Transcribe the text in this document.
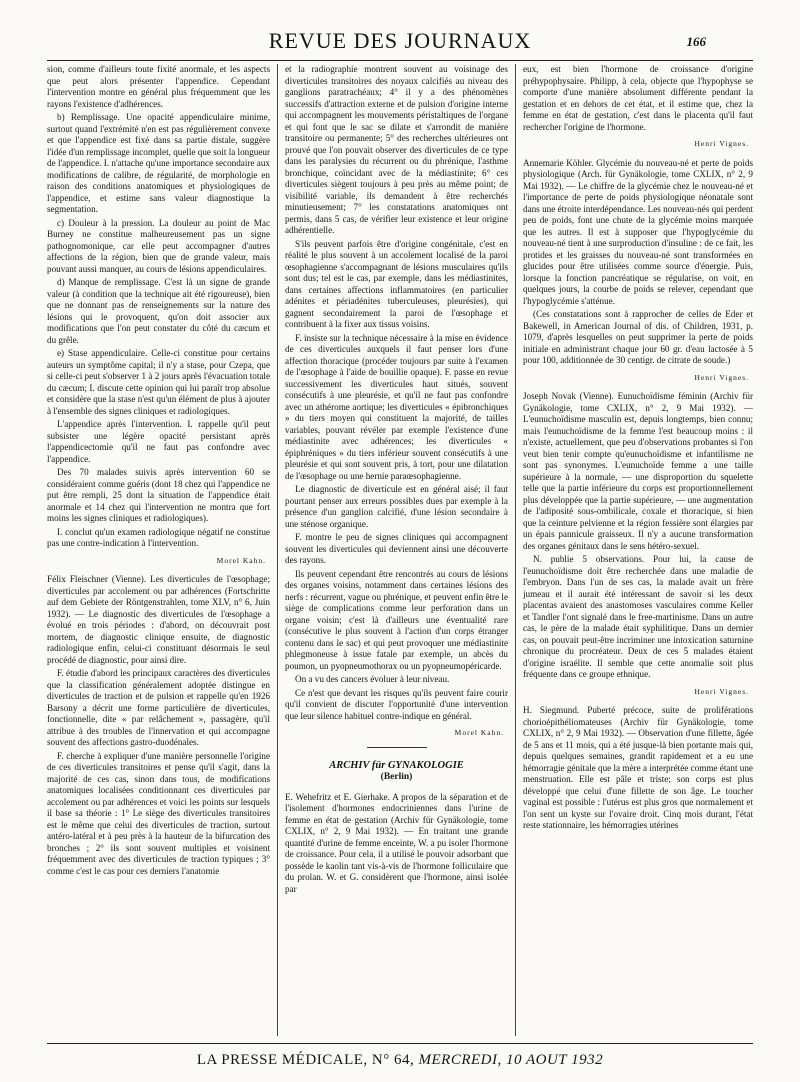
REVUE DES JOURNAUX	166

sion, comme d'ailleurs toute fixité anormale, et les aspects que peut alors présenter l'appendice. Cependant l'intervention montre en général plus fréquemment que les rayons l'existence d'adhérences.

b) Remplissage. Une opacité appendiculaire minime, surtout quand l'extrémité n'en est pas régulièrement convexe et que l'appendice est fixé dans sa partie distale, suggère l'idée d'un remplissage incomplet, quelle que soit la longueur de l'appendice. I. n'attache qu'une importance secondaire aux modifications de calibre, de régularité, de morphologie en raison des conditions anatomiques et physiologiques de l'appendice, et estime sans valeur diagnostique la segmentation.

c) Douleur à la pression. La douleur au point de Mac Burney ne constitue malheureusement pas un signe pathognomonique, car elle peut accompagner d'autres affections de la région, bien que de grande valeur, mais pouvant aussi manquer, au cours de lésions appendiculaires.

d) Manque de remplissage. C'est là un signe de grande valeur (à condition que la technique ait été rigoureuse), bien que ne donnant pas de renseignements sur la nature des lésions qui le provoquent, qu'on doit associer aux modifications que l'on peut constater du côté du cæcum et du grêle.

e) Stase appendiculaire. Celle-ci constitue pour certains auteurs un symptôme capital; il n'y a stase, pour Czepa, que si celle-ci peut s'observer 1 à 2 jours après l'évacuation totale du cæcum; I. discute cette opinion qui lui paraît trop absolue et considère que la stase n'est qu'un élément de plus à ajouter à l'ensemble des signes cliniques et radiologiques.

L'appendice après l'intervention. I. rappelle qu'il peut subsister une légère opacité persistant après l'appendicectomie qu'il ne faut pas confondre avec l'appendice.

Des 70 malades suivis après intervention 60 se considéraient comme guéris (dont 18 chez qui l'appendice ne put être rempli, 25 dont la situation de l'appendice était anormale et 14 chez qui l'intervention ne montra que fort moins les signes cliniques et radiologiques).

I. conclut qu'un examen radiologique négatif ne constitue pas une contre-indication à l'intervention.

Morel Kahn.

Félix Fleischner (Vienne). Les diverticules de l'œsophage; diverticules par accolement ou par adhérences (Fortschritte auf dem Gebiete der Röntgenstrahlen, tome XLV, n° 6, Juin 1932). — Le diagnostic des diverticules de l'œsophage a évolué en trois périodes : d'abord, on découvrait post mortem, de diagnostic clinique ensuite, de diagnostic radiologique enfin, celui-ci constituant désormais le seul procédé de diagnostic, pour ainsi dire.

F. étudie d'abord les principaux caractères des diverticules que la classification généralement adoptée distingue en diverticules de traction et de pulsion et rappelle qu'en 1926 Barsony a décrit une forme particulière de diverticules, fonctionnelle, dite « par relâchement », passagère, qu'il attribue à des troubles de l'innervation et qui accompagne souvent des affections gastro-duodénales.

F. cherche à expliquer d'une manière personnelle l'origine de ces diverticules transitoires et pense qu'il s'agit, dans la majorité de ces cas, sinon dans tous, de modifications anatomiques localisées conditionnant ces diverticules par accolement ou par adhérences et voici les points sur lesquels il base sa théorie : 1° Le siège des diverticules transitoires est le même que celui des diverticules de traction, surtout antéro-latéral et à peu près à la hauteur de la bifurcation des bronches ; 2° ils sont souvent multiples et voisinent fréquemment avec des diverticules de traction typiques ; 3° comme c'est le cas pour ces derniers l'anatomie

et la radiographie montrent souvent au voisinage des diverticules transitoires des noyaux calcifiés au niveau des ganglions paratrachéaux; 4° il y a des phénomènes successifs d'attraction externe et de pulsion d'origine interne qui accompagnent les mouvements péristaltiques de l'organe et qui font que le sac se dilate et s'arrondit de manière transitoire ou permanente; 5° des recherches ultérieures ont prouvé que l'on pouvait observer des diverticules de ce type dans les paralysies du récurrent ou du phrénique, l'asthme bronchique, coïncidant avec de la médiastinite; 6° ces diverticules siègent toujours à peu près au même point; de visibilité variable, ils demandent à être recherchés minutieusement; 7° les constatations anatomiques ont permis, dans 5 cas, de vérifier leur existence et leur origine adhérentielle.

S'ils peuvent parfois être d'origine congénitale, c'est en réalité le plus souvent à un accolement localisé de la paroi œsophagienne s'accompagnant de lésions musculaires qu'ils sont dus; tel est le cas, par exemple, dans les médiastinites, dans certaines affections inflammatoires (en particulier adénites et périadénites tuberculeuses, pleurésies), qui gagnent secondairement la paroi de l'œsophage et contribuent à la fixer aux tissus voisins.

F. insiste sur la technique nécessaire à la mise en évidence de ces diverticules auxquels il faut penser lors d'une affection thoracique (procéder toujours par suite à l'examen de l'œsophage à l'aide de bouillie opaque). F. passe en revue successivement les diverticules haut situés, souvent consécutifs à une pleurésie, et qu'il ne faut pas confondre avec un athérome aortique; les diverticules « épibronchiques » du tiers moyen qui constituent la majorité, de tailles variables, pouvant révéler par exemple l'existence d'une médiastinite avec adhérences; les diverticules « épiphréniques » du tiers inférieur souvent consécutifs à une pleurésie et qui sont souvent pris, à tort, pour une dilatation de l'œsophage ou une hernie paraœsophagienne.

Le diagnostic de diverticule est en général aisé; il faut pourtant penser aux erreurs possibles dues par exemple à la présence d'un ganglion calcifié, d'une lésion secondaire à une sténose organique.

F. montre le peu de signes cliniques qui accompagnent souvent les diverticules qui deviennent ainsi une découverte des rayons.

Ils peuvent cependant être rencontrés au cours de lésions des organes voisins, notamment dans certaines lésions des nerfs : récurrent, vague ou phrénique, et peuvent enfin être le siège de complications comme leur perforation dans un organe voisin; c'est là d'ailleurs une éventualité rare (consécutive le plus souvent à l'action d'un corps étranger contenu dans le sac) et qui peut provoquer une médiastinite phlegmoneuse à issue fatale par exemple, un abcès du poumon, un pyopneumothorax ou un pyopneumopéricarde.

On a vu des cancers évoluer à leur niveau.

Ce n'est que devant les risques qu'ils peuvent faire courir qu'il convient de discuter l'opportunité d'une intervention que leur silence habituel contre-indique en général.

Morel Kahn.
ARCHIV für GYNAKOLOGIE
(Berlin)

E. Wehefritz et E. Gierhake. A propos de la séparation et de l'isolement d'hormones endocriniennes dans l'urine de femme en état de gestation (Archiv für Gynäkologie, tome CXLIX, n° 2, 9 Mai 1932). — En traitant une grande quantité d'urine de femme enceinte, W. a pu isoler l'hormone de croissance. Pour cela, il a utilisé le pouvoir adsorbant que possède le kaolin tant vis-à-vis de l'hormone folliculaire que du prolan. W. et G. considèrent que l'hormone, ainsi isolée par

eux, est bien l'hormone de croissance d'origine préhypophysaire. Philipp, à cela, objecte que l'hypophyse se comporte d'une manière absolument différente pendant la gestation et en dehors de cet état, et il estime que, chez la femme en état de gestation, c'est dans le placenta qu'il faut rechercher l'origine de l'hormone.

Henri Vignes.

Annemarie Köhler. Glycémie du nouveau-né et perte de poids physiologique (Arch. für Gynäkologie, tome CXLIX, n° 2, 9 Mai 1932). — Le chiffre de la glycémie chez le nouveau-né et l'importance de perte de poids physiologique néonatale sont dans une étroite interdépendance. Les nouveau-nés qui perdent peu de poids, font une chute de la glycémie moins marquée que les autres. Il est à supposer que l'hypoglycémie du nouveau-né tient à une surproduction d'insuline : de ce fait, les protides et les graisses du nouveau-né sont transformées en glucides pour être utilisées comme source d'énergie. Puis, lorsque la fonction pancréatique se régularise, on voit, en quelques jours, la courbe de poids se relever, cependant que l'hypoglycémie s'atténue.

(Ces constatations sont à rapprocher de celles de Eder et Bakewell, in American Journal of dis. of Children, 1931, p. 1079, d'après lesquelles on peut supprimer la perte de poids initiale en administrant chaque jour 60 gr. d'eau lactosée à 5 pour 100, additionnée de 30 centigr. de citrate de soude.)

Henri Vignes.

Joseph Novak (Vienne). Eunuchoïdisme féminin (Archiv für Gynäkologie, tome CXLIX, n° 2, 9 Mai 1932). — L'eunuchoïdisme masculin est, depuis longtemps, bien connu; mais l'eunuchoïdisme de la femme l'est beaucoup moins : il n'existe, actuellement, que peu d'observations probantes si l'on veut bien tenir compte qu'eunuchoïdisme et infantilisme ne sont pas synonymes. L'eunuchoïde femme a une taille supérieure à la normale, — une disproportion du squelette telle que la partie inférieure du corps est proportionnellement plus développée que la partie supérieure, — une augmentation de l'adiposité sous-ombilicale, coxale et thoracique, si bien que la ceinture pelvienne et la région fessière sont élargies par un épais pannicule graisseux. Il n'y a aucune transformation des organes génitaux dans le sens hétéro-sexuel.

N. publie 5 observations. Pour lui, la cause de l'eunuchoïdisme doit être recherchée dans une maladie de l'embryon. Dans l'un de ses cas, la malade avait un frère jumeau et il aurait été intéressant de savoir si les deux placentas avaient des anastomoses vasculaires comme Keller et Tandler l'ont signalé dans le free-martinisme. Dans un autre cas, le père de la malade était syphilitique. Dans un dernier cas, on pouvait peut-être incriminer une intoxication saturnine chronique du procréateur. Deux de ces 5 malades étaient d'origine israélite. Il semble que cette anomalie soit plus fréquente dans ce groupe ethnique.

Henri Vignes.

H. Siegmund. Puberté précoce, suite de proliférations chorioépithéliomateuses (Archiv für Gynäkologie, tome CXLIX, n° 2, 9 Mai 1932). — Observation d'une fillette, âgée de 5 ans et 11 mois, qui a été jusque-là bien portante mais qui, depuis quelques semaines, grandit rapidement et a eu une hémorragie génitale que la mère a interprétée comme étant une menstruation. Elle est pâle et triste; son corps est plus développé que celui d'une fillette de son âge. Le toucher vaginal est possible : l'utérus est plus gros que normalement et l'on sent un kyste sur l'ovaire droit. Cinq mois durant, l'état reste stationnaire, les hémorragies utérines

LA PRESSE MÉDICALE, N° 64, MERCREDI, 10 AOUT 1932
